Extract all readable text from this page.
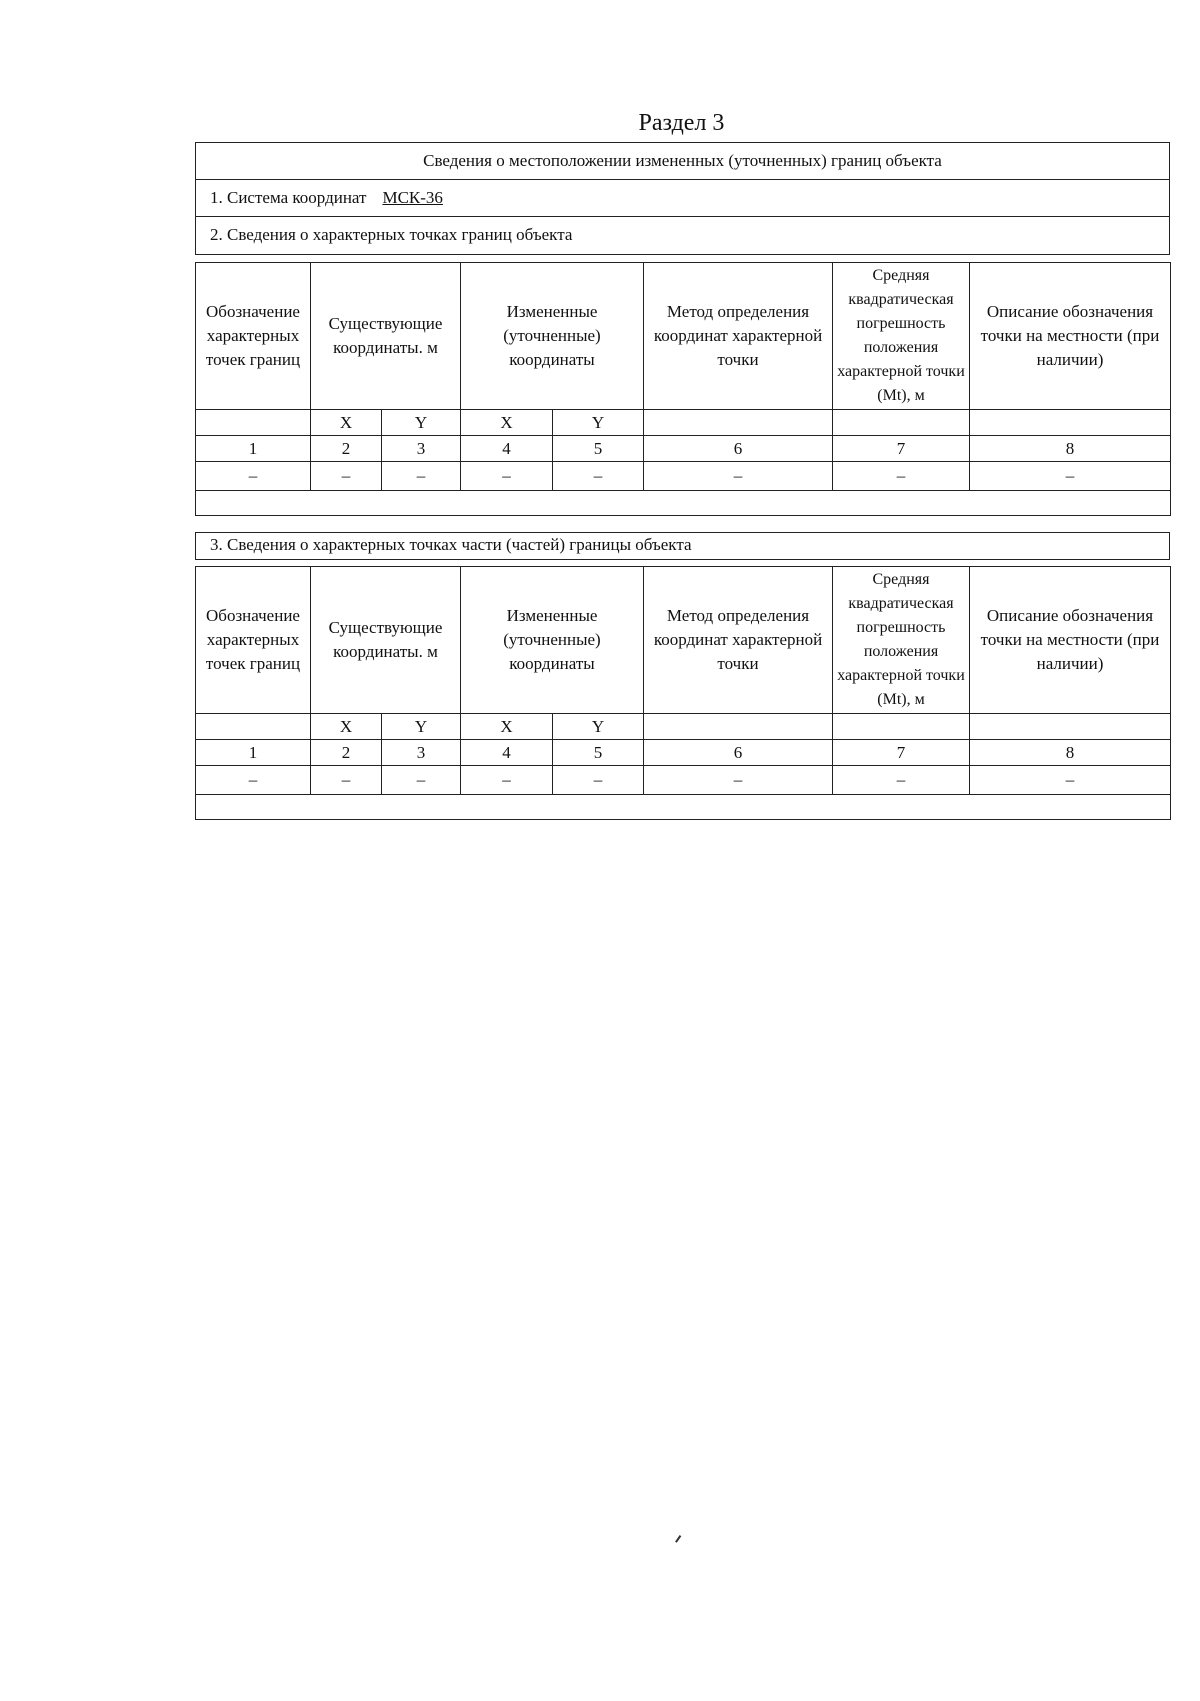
Раздел 3
Сведения о местоположении измененных (уточненных) границ объекта
1. Система координат МСК-36
2. Сведения о характерных точках границ объекта
Обозначение характерных точек границ	Существующие координаты. м		Измененные (уточненные) координаты		Метод определения координат характерной точки	Средняя квадратическая погрешность положения характерной точки (Mt), м	Описание обозначения точки на местности (при наличии)
	X	Y	X	Y			
1	2	3	4	5	6	7	8
–	–	–	–	–	–	–	–

3. Сведения о характерных точках части (частей) границы объекта
Обозначение характерных точек границ	Существующие координаты. м		Измененные (уточненные) координаты		Метод определения координат характерной точки	Средняя квадратическая погрешность положения характерной точки (Mt), м	Описание обозначения точки на местности (при наличии)
	X	Y	X	Y			
1	2	3	4	5	6	7	8
–	–	–	–	–	–	–	–
